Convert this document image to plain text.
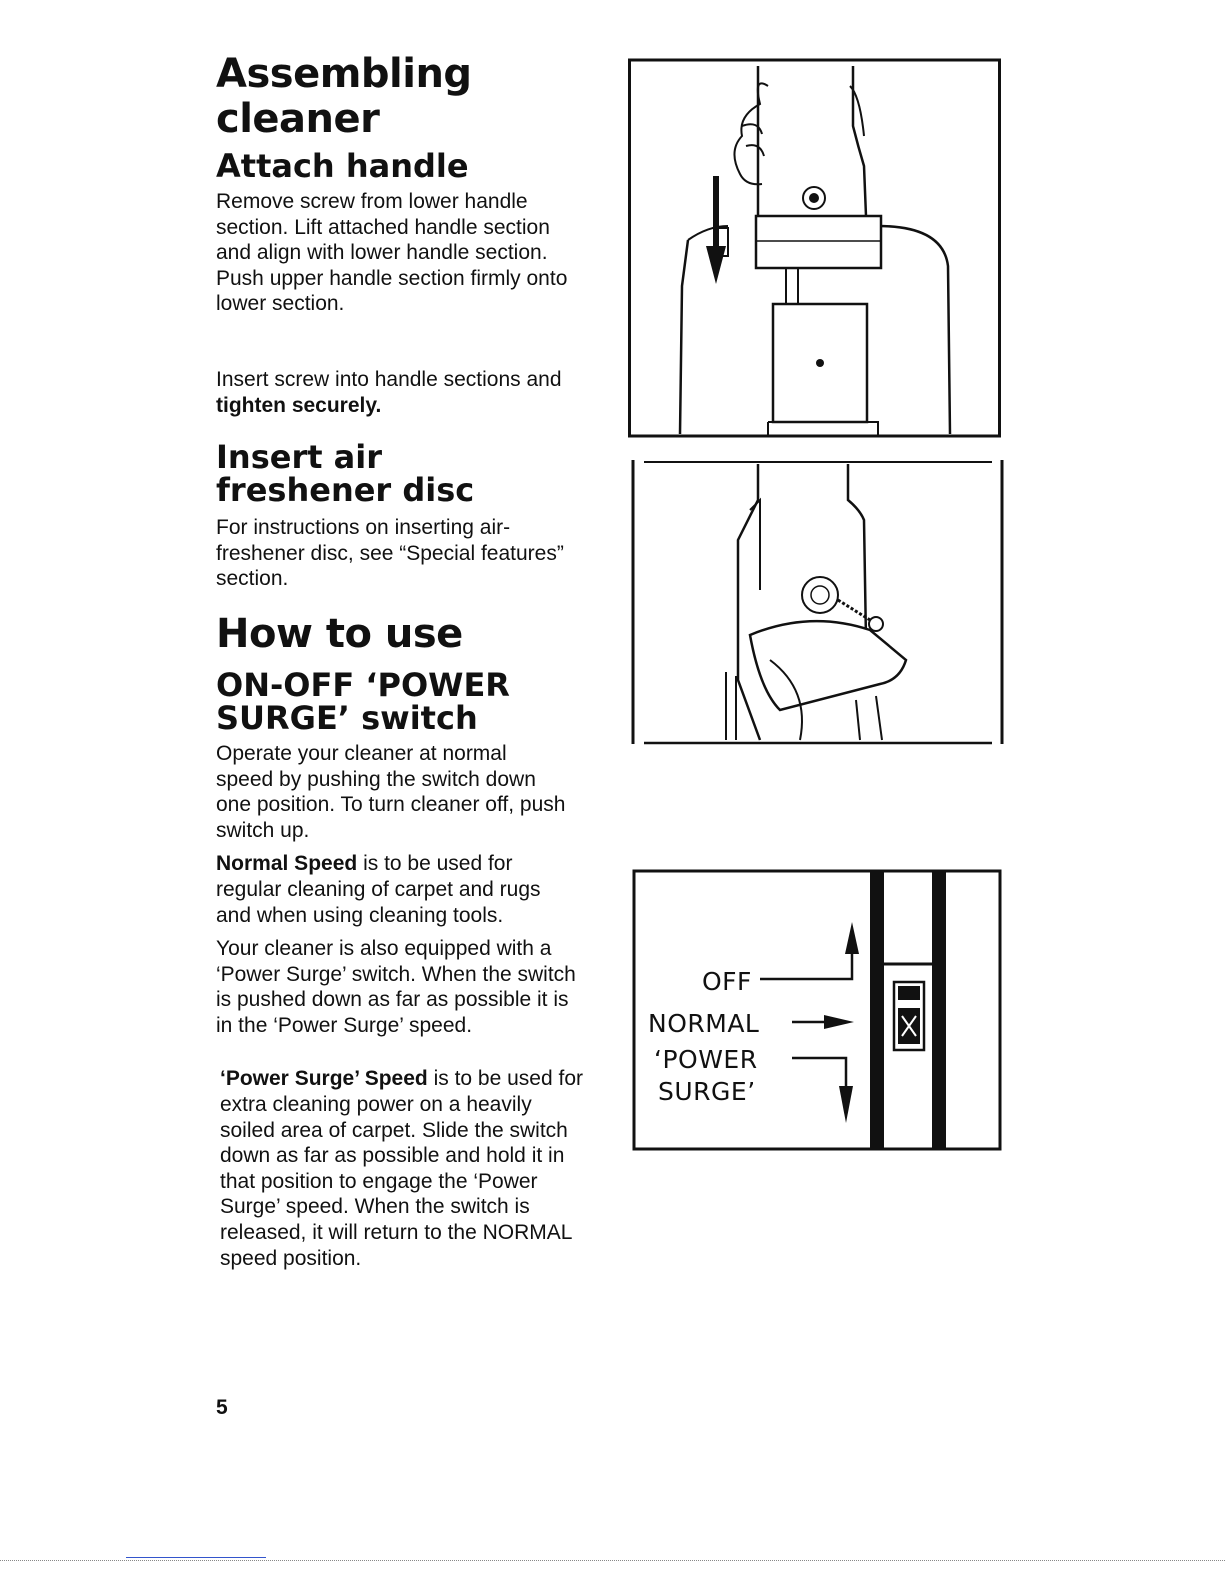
Assembling cleaner
Attach handle

Remove screw from lower handle section. Lift attached handle section and align with lower handle section. Push upper handle section firmly onto lower section.

Insert screw into handle sections and tighten securely.

Insert air freshener disc

For instructions on inserting air-freshener disc, see “Special features” section.

How to use
ON-OFF ‘POWER SURGE’ switch

Operate your cleaner at normal speed by pushing the switch down one position. To turn cleaner off, push switch up.

Normal Speed is to be used for regular cleaning of carpet and rugs and when using cleaning tools.

Your cleaner is also equipped with a ‘Power Surge’ switch. When the switch is pushed down as far as possible it is in the ‘Power Surge’ speed.

‘Power Surge’ Speed is to be used for extra cleaning power on a heavily soiled area of carpet. Slide the switch down as far as possible and hold it in that position to engage the ‘Power Surge’ speed. When the switch is released, it will return to the NORMAL speed position.

5
OFF
NORMAL
‘POWER
SURGE’
